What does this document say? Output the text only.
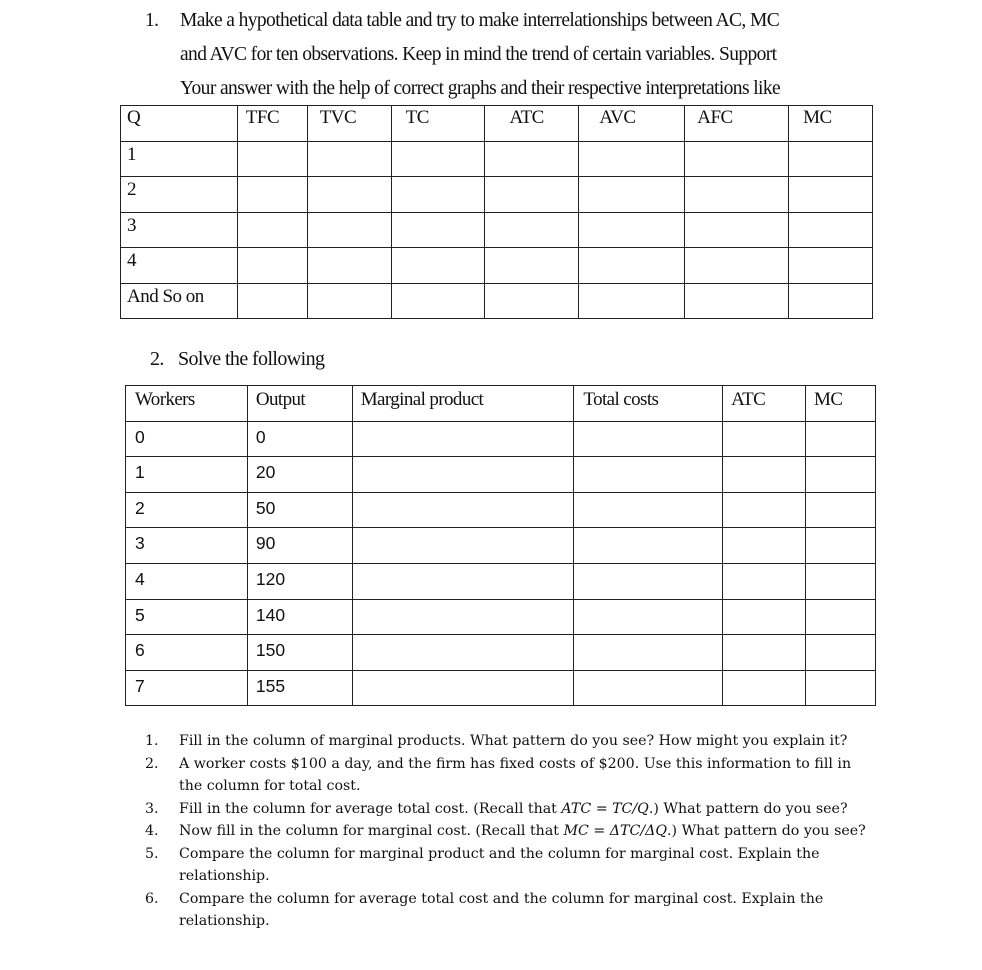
1. Make a hypothetical data table and try to make interrelationships between AC, MC
and AVC for ten observations. Keep in mind the trend of certain variables. Support
Your answer with the help of correct graphs and their respective interpretations like
Q	TFC	TVC	TC	ATC	AVC	AFC	MC
1							
2							
3							
4							
And So on							
2. Solve the following
Workers	Output	Marginal product	Total costs	ATC	MC
0	0				
1	20				
2	50				
3	90				
4	120				
5	140				
6	150				
7	155				
1. Fill in the column of marginal products. What pattern do you see? How might you explain it?
2. A worker costs $100 a day, and the firm has fixed costs of $200. Use this information to fill in the column for total cost.
3. Fill in the column for average total cost. (Recall that ATC = TC/Q.) What pattern do you see?
4. Now fill in the column for marginal cost. (Recall that MC = ΔTC/ΔQ.) What pattern do you see?
5. Compare the column for marginal product and the column for marginal cost. Explain the relationship.
6. Compare the column for average total cost and the column for marginal cost. Explain the relationship.
